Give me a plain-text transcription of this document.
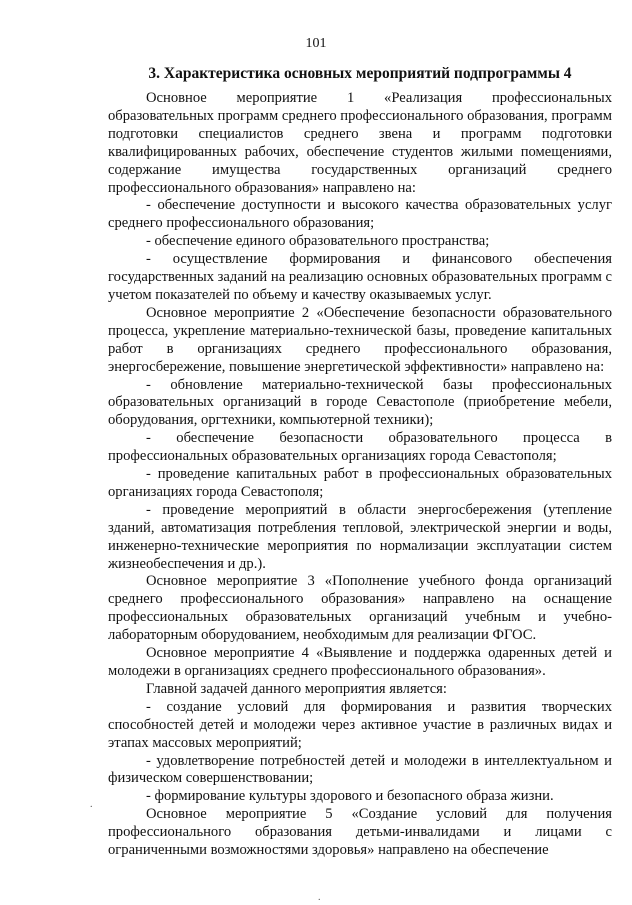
101
3. Характеристика основных мероприятий подпрограммы 4

Основное мероприятие 1 «Реализация профессиональных образовательных программ среднего профессионального образования, программ подготовки специалистов среднего звена и программ подготовки квалифицированных рабочих, обеспечение студентов жилыми помещениями, содержание имущества государственных организаций среднего профессионального образования» направлено на:

- обеспечение доступности и высокого качества образовательных услуг среднего профессионального образования;

- обеспечение единого образовательного пространства;

- осуществление формирования и финансового обеспечения государственных заданий на реализацию основных образовательных программ с учетом показателей по объему и качеству оказываемых услуг.

Основное мероприятие 2 «Обеспечение безопасности образовательного процесса, укрепление материально-технической базы, проведение капитальных работ в организациях среднего профессионального образования, энергосбережение, повышение энергетической эффективности» направлено на:

- обновление материально-технической базы профессиональных образовательных организаций в городе Севастополе (приобретение мебели, оборудования, оргтехники, компьютерной техники);

- обеспечение безопасности образовательного процесса в профессиональных образовательных организациях города Севастополя;

- проведение капитальных работ в профессиональных образовательных организациях города Севастополя;

- проведение мероприятий в области энергосбережения (утепление зданий, автоматизация потребления тепловой, электрической энергии и воды, инженерно-технические мероприятия по нормализации эксплуатации систем жизнеобеспечения и др.).

Основное мероприятие 3 «Пополнение учебного фонда организаций среднего профессионального образования» направлено на оснащение профессиональных образовательных организаций учебным и учебно-лабораторным оборудованием, необходимым для реализации ФГОС.

Основное мероприятие 4 «Выявление и поддержка одаренных детей и молодежи в организациях среднего профессионального образования».

Главной задачей данного мероприятия является:

- создание условий для формирования и развития творческих способностей детей и молодежи через активное участие в различных видах и этапах массовых мероприятий;

- удовлетворение потребностей детей и молодежи в интеллектуальном и физическом совершенствовании;

- формирование культуры здорового и безопасного образа жизни.

Основное мероприятие 5 «Создание условий для получения профессионального образования детьми-инвалидами и лицами с ограниченными возможностями здоровья» направлено на обеспечение

.
.
